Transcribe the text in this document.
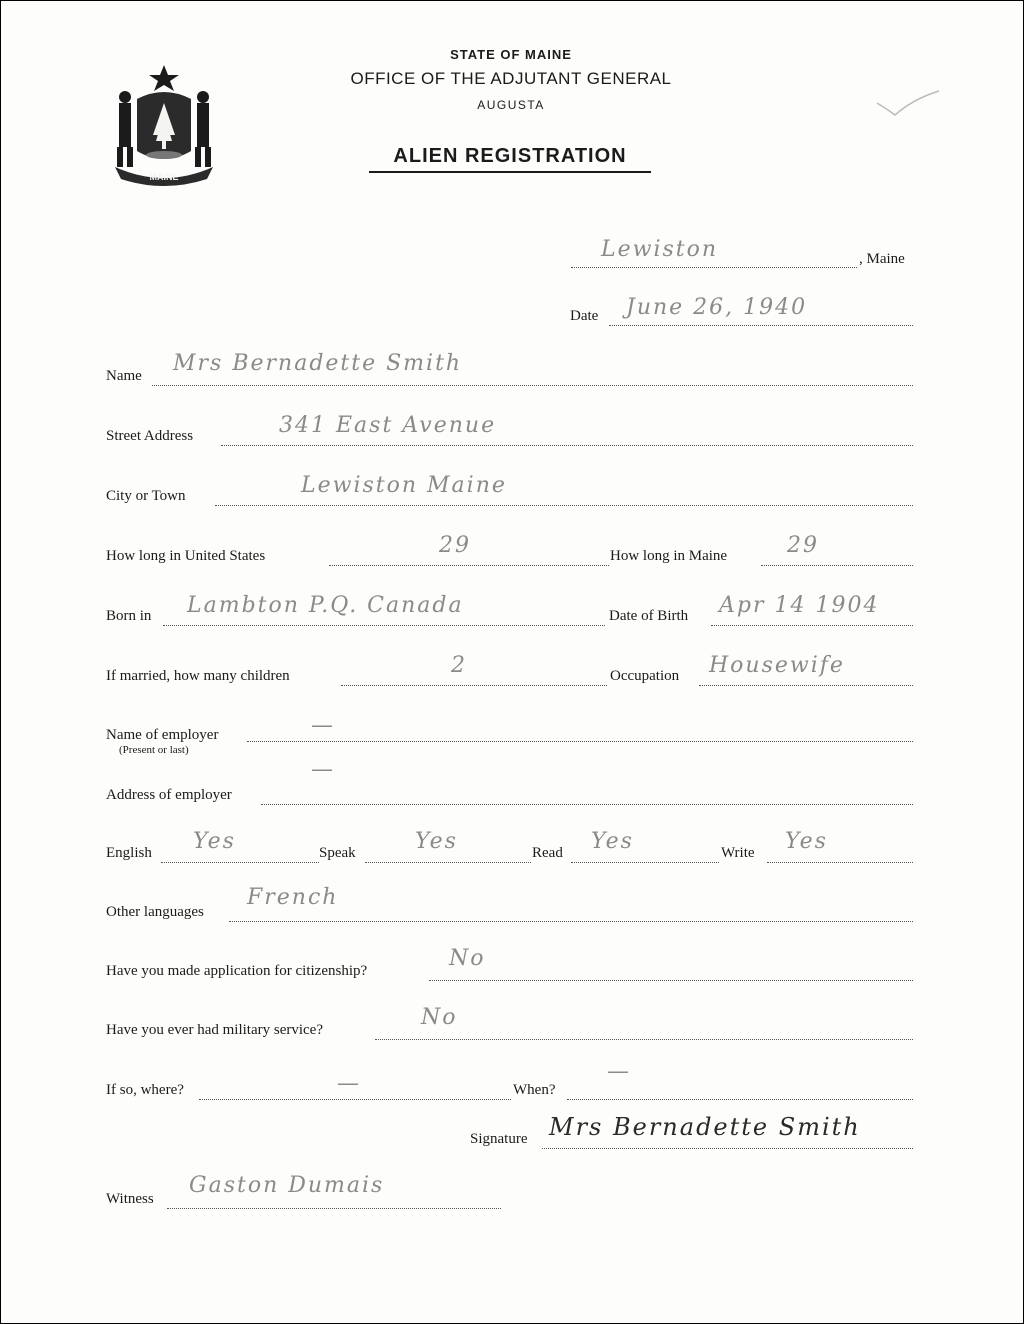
MAINE
STATE OF MAINE
OFFICE OF THE ADJUTANT GENERAL
AUGUSTA
ALIEN REGISTRATION
Lewiston	, Maine
Date June 26, 1940
Name Mrs Bernadette Smith
Street Address	341 East Avenue
City or Town	Lewiston Maine
How long in United States	29	How long in Maine	29
Born in Lambton P.Q. Canada	Date of Birth Apr 14 1904
If married, how many children	2	Occupation Housewife
Name of employer
(Present or last)
—
Address of employer
—
English Yes	Speak	Yes	Read Yes	Write Yes
Other languages
French
Have you made application for citizenship?	No
Have you ever had military service?	No
If so, where?	—	When?
—
Signature Mrs Bernadette Smith
Witness
Gaston Dumais
